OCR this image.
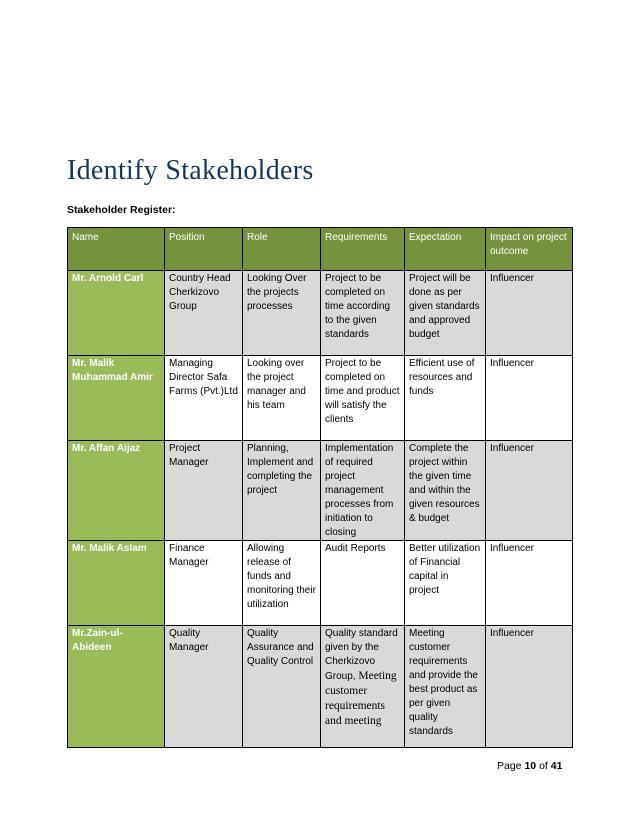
Identify Stakeholders
Stakeholder Register:
Name	Position	Role	Requirements	Expectation	Impact on project outcome
Mr. Arnold Carl	Country Head Cherkizovo Group	Looking Over the projects processes	Project to be completed on time according to the given standards	Project will be done as per given standards and approved budget	Influencer
Mr. Malik Muhammad Amir	Managing Director Safa Farms (Pvt.)Ltd	Looking over the project manager and his team	Project to be completed on time and product will satisfy the clients	Efficient use of resources and funds	Influencer
Mr. Affan Aijaz	Project Manager	Planning, Implement and completing the project	Implementation of required project management processes from initiation to closing	Complete the project within the given time and within the given resources & budget	Influencer
Mr. Malik Aslam	Finance Manager	Allowing release of funds and monitoring their utilization	Audit Reports	Better utilization of Financial capital in project	Influencer
Mr.Zain-ul-Abideen	Quality Manager	Quality Assurance and Quality Control	Quality standard given by the Cherkizovo Group, Meeting customer requirements and meeting	Meeting customer requirements and provide the best product as per given quality standards	Influencer
Page 10 of 41
